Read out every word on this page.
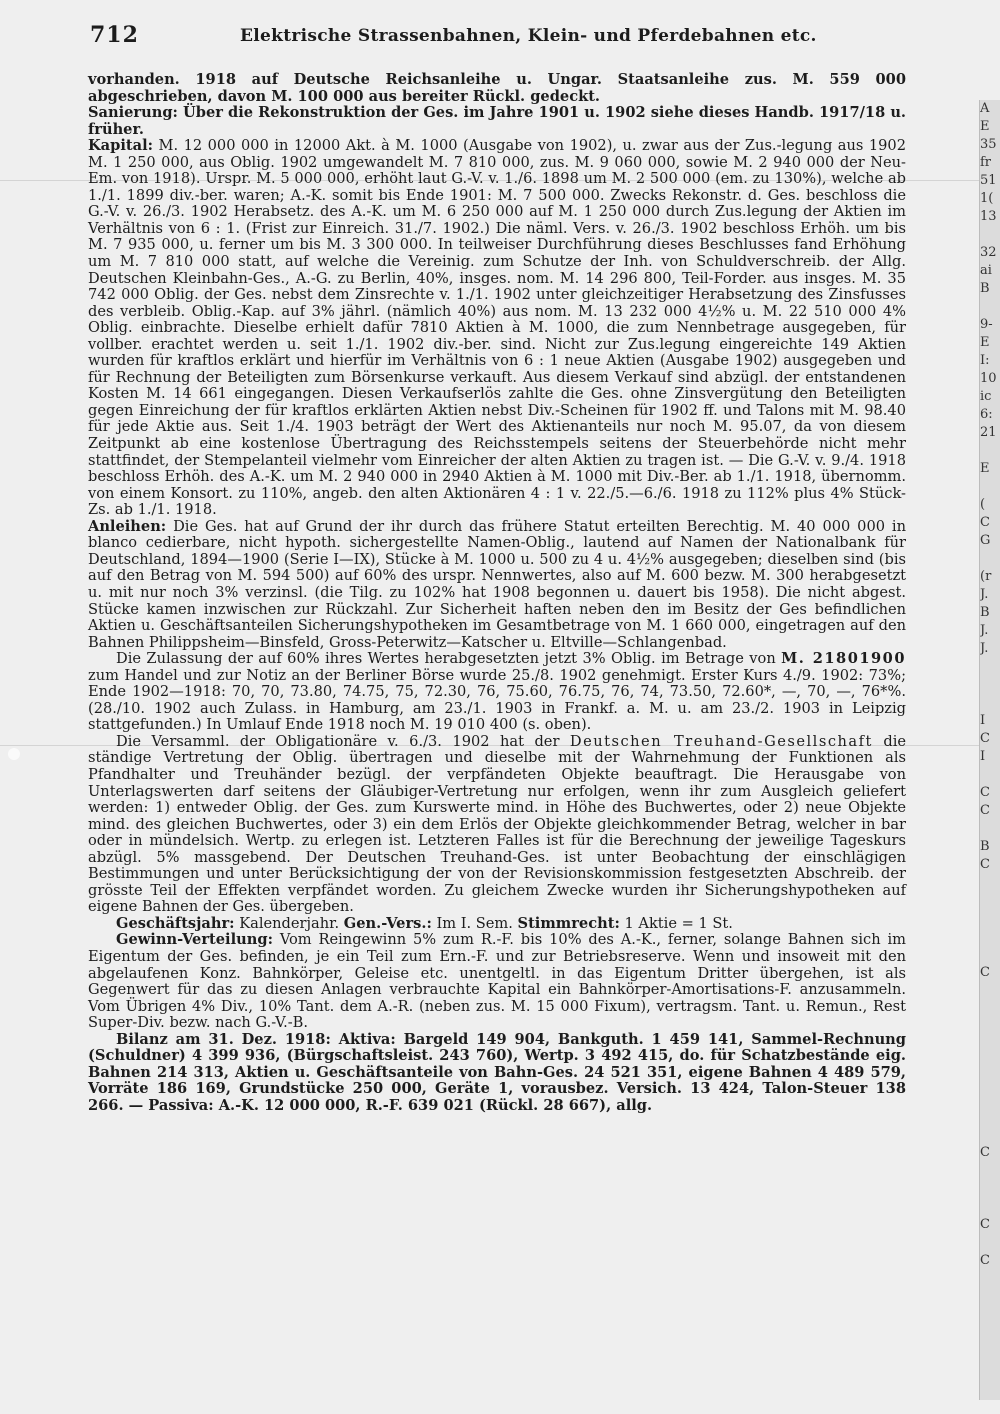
712	Elektrische Strassenbahnen, Klein- und Pferdebahnen etc.

vorhanden. 1918 auf Deutsche Reichsanleihe u. Ungar. Staatsanleihe zus. M. 559 000 abgeschrieben, davon M. 100 000 aus bereiter Rückl. gedeckt.

Sanierung: Über die Rekonstruktion der Ges. im Jahre 1901 u. 1902 siehe dieses Handb. 1917/18 u. früher.

Kapital: M. 12 000 000 in 12000 Akt. à M. 1000 (Ausgabe von 1902), u. zwar aus der Zus.-legung aus 1902 M. 1 250 000, aus Oblig. 1902 umgewandelt M. 7 810 000, zus. M. 9 060 000, sowie M. 2 940 000 der Neu-Em. von 1918). Urspr. M. 5 000 000, erhöht laut G.-V. v. 1./6. 1898 um M. 2 500 000 (em. zu 130%), welche ab 1./1. 1899 div.-ber. waren; A.-K. somit bis Ende 1901: M. 7 500 000. Zwecks Rekonstr. d. Ges. beschloss die G.-V. v. 26./3. 1902 Herabsetz. des A.-K. um M. 6 250 000 auf M. 1 250 000 durch Zus.legung der Aktien im Verhältnis von 6 : 1. (Frist zur Einreich. 31./7. 1902.) Die näml. Vers. v. 26./3. 1902 beschloss Erhöh. um bis M. 7 935 000, u. ferner um bis M. 3 300 000. In teilweiser Durchführung dieses Beschlusses fand Erhöhung um M. 7 810 000 statt, auf welche die Vereinig. zum Schutze der Inh. von Schuldverschreib. der Allg. Deutschen Kleinbahn-Ges., A.-G. zu Berlin, 40%, insges. nom. M. 14 296 800, Teil-Forder. aus insges. M. 35 742 000 Oblig. der Ges. nebst dem Zinsrechte v. 1./1. 1902 unter gleichzeitiger Herabsetzung des Zinsfusses des verbleib. Oblig.-Kap. auf 3% jährl. (nämlich 40%) aus nom. M. 13 232 000 4½% u. M. 22 510 000 4% Oblig. einbrachte. Dieselbe erhielt dafür 7810 Aktien à M. 1000, die zum Nennbetrage ausgegeben, für vollber. erachtet werden u. seit 1./1. 1902 div.-ber. sind. Nicht zur Zus.legung eingereichte 149 Aktien wurden für kraftlos erklärt und hierfür im Verhältnis von 6 : 1 neue Aktien (Ausgabe 1902) ausgegeben und für Rechnung der Beteiligten zum Börsenkurse verkauft. Aus diesem Verkauf sind abzügl. der entstandenen Kosten M. 14 661 eingegangen. Diesen Verkaufserlös zahlte die Ges. ohne Zinsvergütung den Beteiligten gegen Einreichung der für kraftlos erklärten Aktien nebst Div.-Scheinen für 1902 ff. und Talons mit M. 98.40 für jede Aktie aus. Seit 1./4. 1903 beträgt der Wert des Aktienanteils nur noch M. 95.07, da von diesem Zeitpunkt ab eine kostenlose Übertragung des Reichsstempels seitens der Steuerbehörde nicht mehr stattfindet, der Stempelanteil vielmehr vom Einreicher der alten Aktien zu tragen ist. — Die G.-V. v. 9./4. 1918 beschloss Erhöh. des A.-K. um M. 2 940 000 in 2940 Aktien à M. 1000 mit Div.-Ber. ab 1./1. 1918, übernomm. von einem Konsort. zu 110%, angeb. den alten Aktionären 4 : 1 v. 22./5.—6./6. 1918 zu 112% plus 4% Stück-Zs. ab 1./1. 1918.

Anleihen: Die Ges. hat auf Grund der ihr durch das frühere Statut erteilten Berechtig. M. 40 000 000 in blanco cedierbare, nicht hypoth. sichergestellte Namen-Oblig., lautend auf Namen der Nationalbank für Deutschland, 1894—1900 (Serie I—IX), Stücke à M. 1000 u. 500 zu 4 u. 4½% ausgegeben; dieselben sind (bis auf den Betrag von M. 594 500) auf 60% des urspr. Nennwertes, also auf M. 600 bezw. M. 300 herabgesetzt u. mit nur noch 3% verzinsl. (die Tilg. zu 102% hat 1908 begonnen u. dauert bis 1958). Die nicht abgest. Stücke kamen inzwischen zur Rückzahl. Zur Sicherheit haften neben den im Besitz der Ges befindlichen Aktien u. Geschäftsanteilen Sicherungshypotheken im Gesamtbetrage von M. 1 660 000, eingetragen auf den Bahnen Philippsheim—Binsfeld, Gross-Peterwitz—Katscher u. Eltville—Schlangenbad.

Die Zulassung der auf 60% ihres Wertes herabgesetzten jetzt 3% Oblig. im Betrage von M. 21801900 zum Handel und zur Notiz an der Berliner Börse wurde 25./8. 1902 genehmigt. Erster Kurs 4./9. 1902: 73%; Ende 1902—1918: 70, 70, 73.80, 74.75, 75, 72.30, 76, 75.60, 76.75, 76, 74, 73.50, 72.60*, —, 70, —, 76*%. (28./10. 1902 auch Zulass. in Hamburg, am 23./1. 1903 in Frankf. a. M. u. am 23./2. 1903 in Leipzig stattgefunden.) In Umlauf Ende 1918 noch M. 19 010 400 (s. oben).

Die Versamml. der Obligationäre v. 6./3. 1902 hat der Deutschen Treuhand-Gesellschaft die ständige Vertretung der Oblig. übertragen und dieselbe mit der Wahrnehmung der Funktionen als Pfandhalter und Treuhänder bezügl. der verpfändeten Objekte beauftragt. Die Herausgabe von Unterlagswerten darf seitens der Gläubiger-Vertretung nur erfolgen, wenn ihr zum Ausgleich geliefert werden: 1) entweder Oblig. der Ges. zum Kurswerte mind. in Höhe des Buchwertes, oder 2) neue Objekte mind. des gleichen Buchwertes, oder 3) ein dem Erlös der Objekte gleichkommender Betrag, welcher in bar oder in mündelsich. Wertp. zu erlegen ist. Letzteren Falles ist für die Berechnung der jeweilige Tageskurs abzügl. 5% massgebend. Der Deutschen Treuhand-Ges. ist unter Beobachtung der einschlägigen Bestimmungen und unter Berücksichtigung der von der Revisionskommission festgesetzten Abschreib. der grösste Teil der Effekten verpfändet worden. Zu gleichem Zwecke wurden ihr Sicherungshypotheken auf eigene Bahnen der Ges. übergeben.

Geschäftsjahr: Kalenderjahr. Gen.-Vers.: Im I. Sem. Stimmrecht: 1 Aktie = 1 St.

Gewinn-Verteilung: Vom Reingewinn 5% zum R.-F. bis 10% des A.-K., ferner, solange Bahnen sich im Eigentum der Ges. befinden, je ein Teil zum Ern.-F. und zur Betriebsreserve. Wenn und insoweit mit den abgelaufenen Konz. Bahnkörper, Geleise etc. unentgeltl. in das Eigentum Dritter übergehen, ist als Gegenwert für das zu diesen Anlagen verbrauchte Kapital ein Bahnkörper-Amortisations-F. anzusammeln. Vom Übrigen 4% Div., 10% Tant. dem A.-R. (neben zus. M. 15 000 Fixum), vertragsm. Tant. u. Remun., Rest Super-Div. bezw. nach G.-V.-B.

Bilanz am 31. Dez. 1918: Aktiva: Bargeld 149 904, Bankguth. 1 459 141, Sammel-Rechnung (Schuldner) 4 399 936, (Bürgschaftsleist. 243 760), Wertp. 3 492 415, do. für Schatzbestände eig. Bahnen 214 313, Aktien u. Geschäftsanteile von Bahn-Ges. 24 521 351, eigene Bahnen 4 489 579, Vorräte 186 169, Grundstücke 250 000, Geräte 1, vorausbez. Versich. 13 424, Talon-Steuer 138 266. — Passiva: A.-K. 12 000 000, R.-F. 639 021 (Rückl. 28 667), allg.

A
E
35
fr
51
1(
13

32
ai
B

9-
E
I:
10
ic
6:
21

E

(
C
G

(r
J.
B
J.
J.

I
C
I

C
C

B
C

C

C

C

C
